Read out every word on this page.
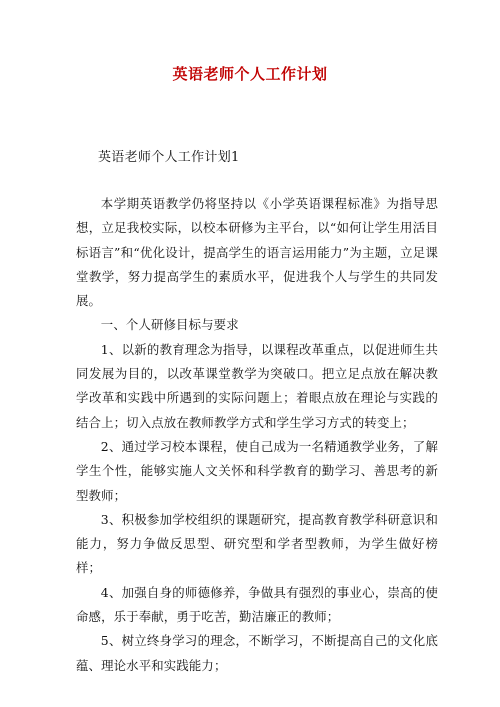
英语老师个人工作计划
英语老师个人工作计划1

本学期英语教学仍将坚持以《小学英语课程标准》为指导思想，立足我校实际，以校本研修为主平台，以“如何让学生用活目标语言”和“优化设计，提高学生的语言运用能力”为主题，立足课堂教学，努力提高学生的素质水平，促进我个人与学生的共同发展。

一、个人研修目标与要求

1、以新的教育理念为指导，以课程改革重点，以促进师生共同发展为目的，以改革课堂教学为突破口。把立足点放在解决教学改革和实践中所遇到的实际问题上；着眼点放在理论与实践的结合上；切入点放在教师教学方式和学生学习方式的转变上；

2、通过学习校本课程，使自己成为一名精通教学业务，了解学生个性，能够实施人文关怀和科学教育的勤学习、善思考的新型教师；

3、积极参加学校组织的课题研究，提高教育教学科研意识和能力，努力争做反思型、研究型和学者型教师，为学生做好榜样；

4、加强自身的师德修养，争做具有强烈的事业心，崇高的使命感，乐于奉献，勇于吃苦，勤洁廉正的教师；

5、树立终身学习的理念，不断学习，不断提高自己的文化底蕴、理论水平和实践能力；
